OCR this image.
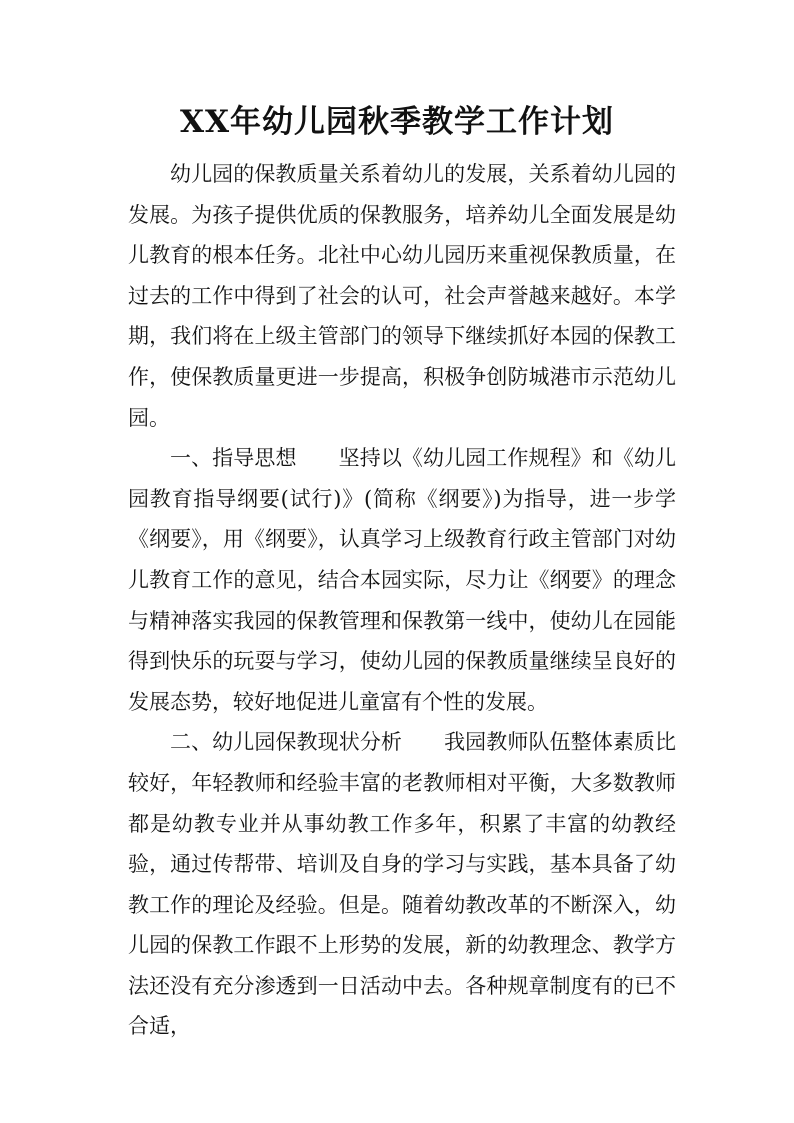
XX年幼儿园秋季教学工作计划

幼儿园的保教质量关系着幼儿的发展，关系着幼儿园的发展。为孩子提供优质的保教服务，培养幼儿全面发展是幼儿教育的根本任务。北社中心幼儿园历来重视保教质量，在过去的工作中得到了社会的认可，社会声誉越来越好。本学期，我们将在上级主管部门的领导下继续抓好本园的保教工作，使保教质量更进一步提高，积极争创防城港市示范幼儿园。

一、指导思想 坚持以《幼儿园工作规程》和《幼儿园教育指导纲要(试行)》(简称《纲要》)为指导，进一步学《纲要》，用《纲要》，认真学习上级教育行政主管部门对幼儿教育工作的意见，结合本园实际，尽力让《纲要》的理念与精神落实我园的保教管理和保教第一线中，使幼儿在园能得到快乐的玩耍与学习，使幼儿园的保教质量继续呈良好的发展态势，较好地促进儿童富有个性的发展。

二、幼儿园保教现状分析 我园教师队伍整体素质比较好，年轻教师和经验丰富的老教师相对平衡，大多数教师都是幼教专业并从事幼教工作多年，积累了丰富的幼教经验，通过传帮带、培训及自身的学习与实践，基本具备了幼教工作的理论及经验。但是。随着幼教改革的不断深入，幼儿园的保教工作跟不上形势的发展，新的幼教理念、教学方法还没有充分渗透到一日活动中去。各种规章制度有的已不合适，
